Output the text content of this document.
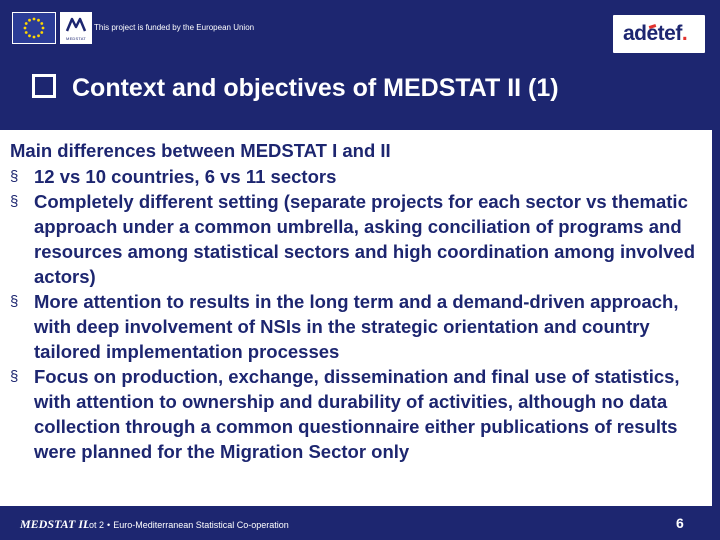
MEDSTAT
This project is funded by the European Union	adetef.
Context and objectives of MEDSTAT II (1)
Main differences between MEDSTAT I and II
§ 12 vs 10 countries, 6 vs 11 sectors
§ Completely different setting (separate projects for each sector vs thematic approach under a common umbrella, asking conciliation of programs and resources among statistical sectors and high coordination among involved actors)
§ More attention to results in the long term and a demand-driven approach, with deep involvement of NSIs in the strategic orientation and country tailored implementation processes
§ Focus on production, exchange, dissemination and final use of statistics, with attention to ownership and durability of activities, although no data collection through a common questionnaire either publications of results were planned for the Migration Sector only
MEDSTAT II
Lot 2 • Euro-Mediterranean Statistical Co-operation	6
